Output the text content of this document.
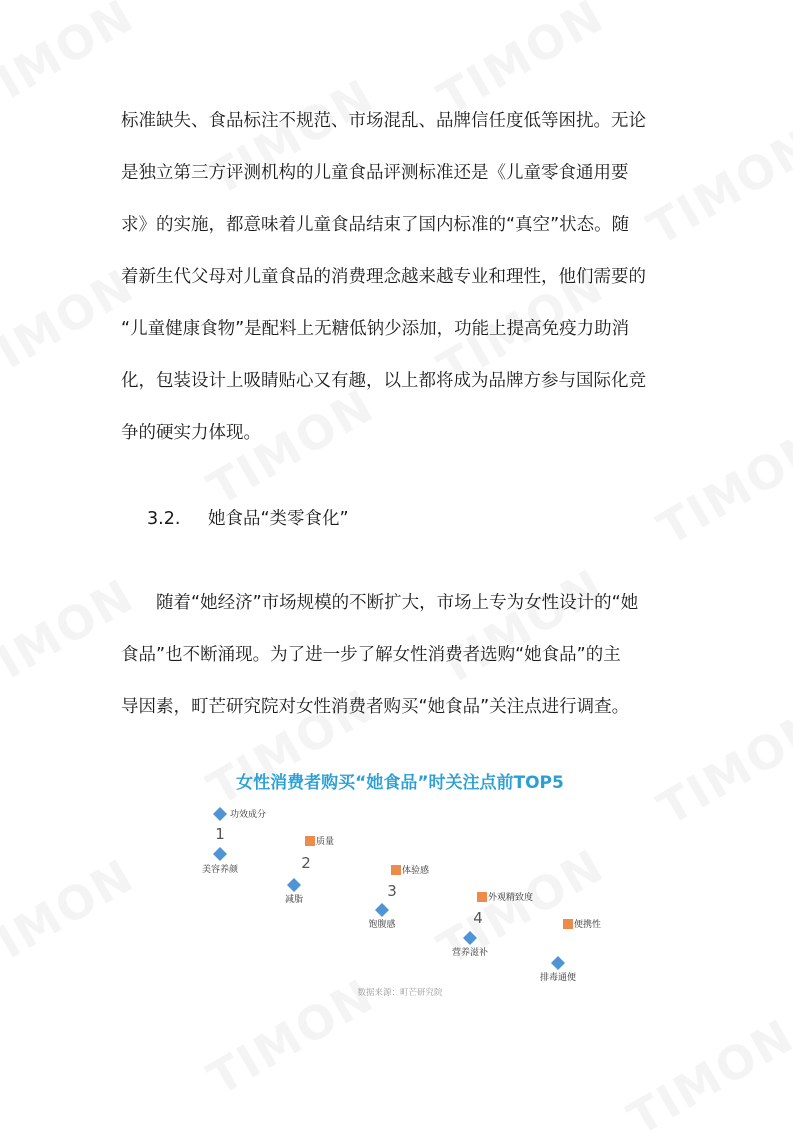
标准缺失、食品标注不规范、市场混乱、品牌信任度低等困扰。无论
是独立第三方评测机构的儿童食品评测标准还是《儿童零食通用要
求》的实施，都意味着儿童食品结束了国内标准的“真空”状态。随
着新生代父母对儿童食品的消费理念越来越专业和理性，他们需要的
“儿童健康食物”是配料上无糖低钠少添加，功能上提高免疫力助消
化，包装设计上吸睛贴心又有趣，以上都将成为品牌方参与国际化竞
争的硬实力体现。
3.2. 她食品“类零食化”
　　随着“她经济”市场规模的不断扩大，市场上专为女性设计的“她
食品”也不断涌现。为了进一步了解女性消费者选购“她食品”的主
导因素，町芒研究院对女性消费者购买“她食品”关注点进行调查。
女性消费者购买“她食品”时关注点前TOP5
功效成分
1
美容养颜
质量
2
减脂
体验感
3
饱腹感
外观精致度
4
营养滋补
便携性
排毒通便
数据来源：町芒研究院
